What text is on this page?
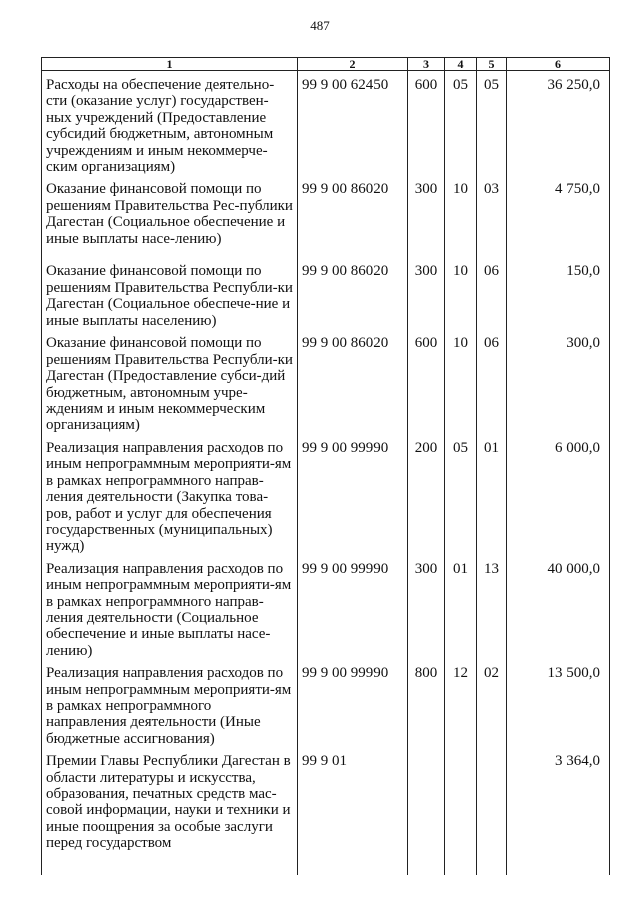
487
1	2	3	4	5	6
Расходы на обеспечение деятельно-сти (оказание услуг) государствен-ных учреждений (Предоставление субсидий бюджетным, автономным учреждениям и иным некоммерче-ским организациям)	99 9 00 62450	600	05	05	36 250,0
Оказание финансовой помощи по решениям Правительства Рес-публики Дагестан (Социальное обеспечение и иные выплаты насе-лению)	99 9 00 86020	300	10	03	4 750,0
Оказание финансовой помощи по решениям Правительства Республи-ки Дагестан (Социальное обеспече-ние и иные выплаты населению)	99 9 00 86020	300	10	06	150,0
Оказание финансовой помощи по решениям Правительства Республи-ки Дагестан (Предоставление субси-дий бюджетным, автономным учре-ждениям и иным некоммерческим организациям)	99 9 00 86020	600	10	06	300,0
Реализация направления расходов по иным непрограммным мероприяти-ям в рамках непрограммного направ-ления деятельности (Закупка това-ров, работ и услуг для обеспечения государственных (муниципальных) нужд)	99 9 00 99990	200	05	01	6 000,0
Реализация направления расходов по иным непрограммным мероприяти-ям в рамках непрограммного направ-ления деятельности (Социальное обеспечение и иные выплаты насе-лению)	99 9 00 99990	300	01	13	40 000,0
Реализация направления расходов по иным непрограммным мероприяти-ям в рамках непрограммного направления деятельности (Иные бюджетные ассигнования)	99 9 00 99990	800	12	02	13 500,0
Премии Главы Республики Дагестан в области литературы и искусства, образования, печатных средств мас-совой информации, науки и техники и иные поощрения за особые заслуги перед государством	99 9 01				3 364,0
